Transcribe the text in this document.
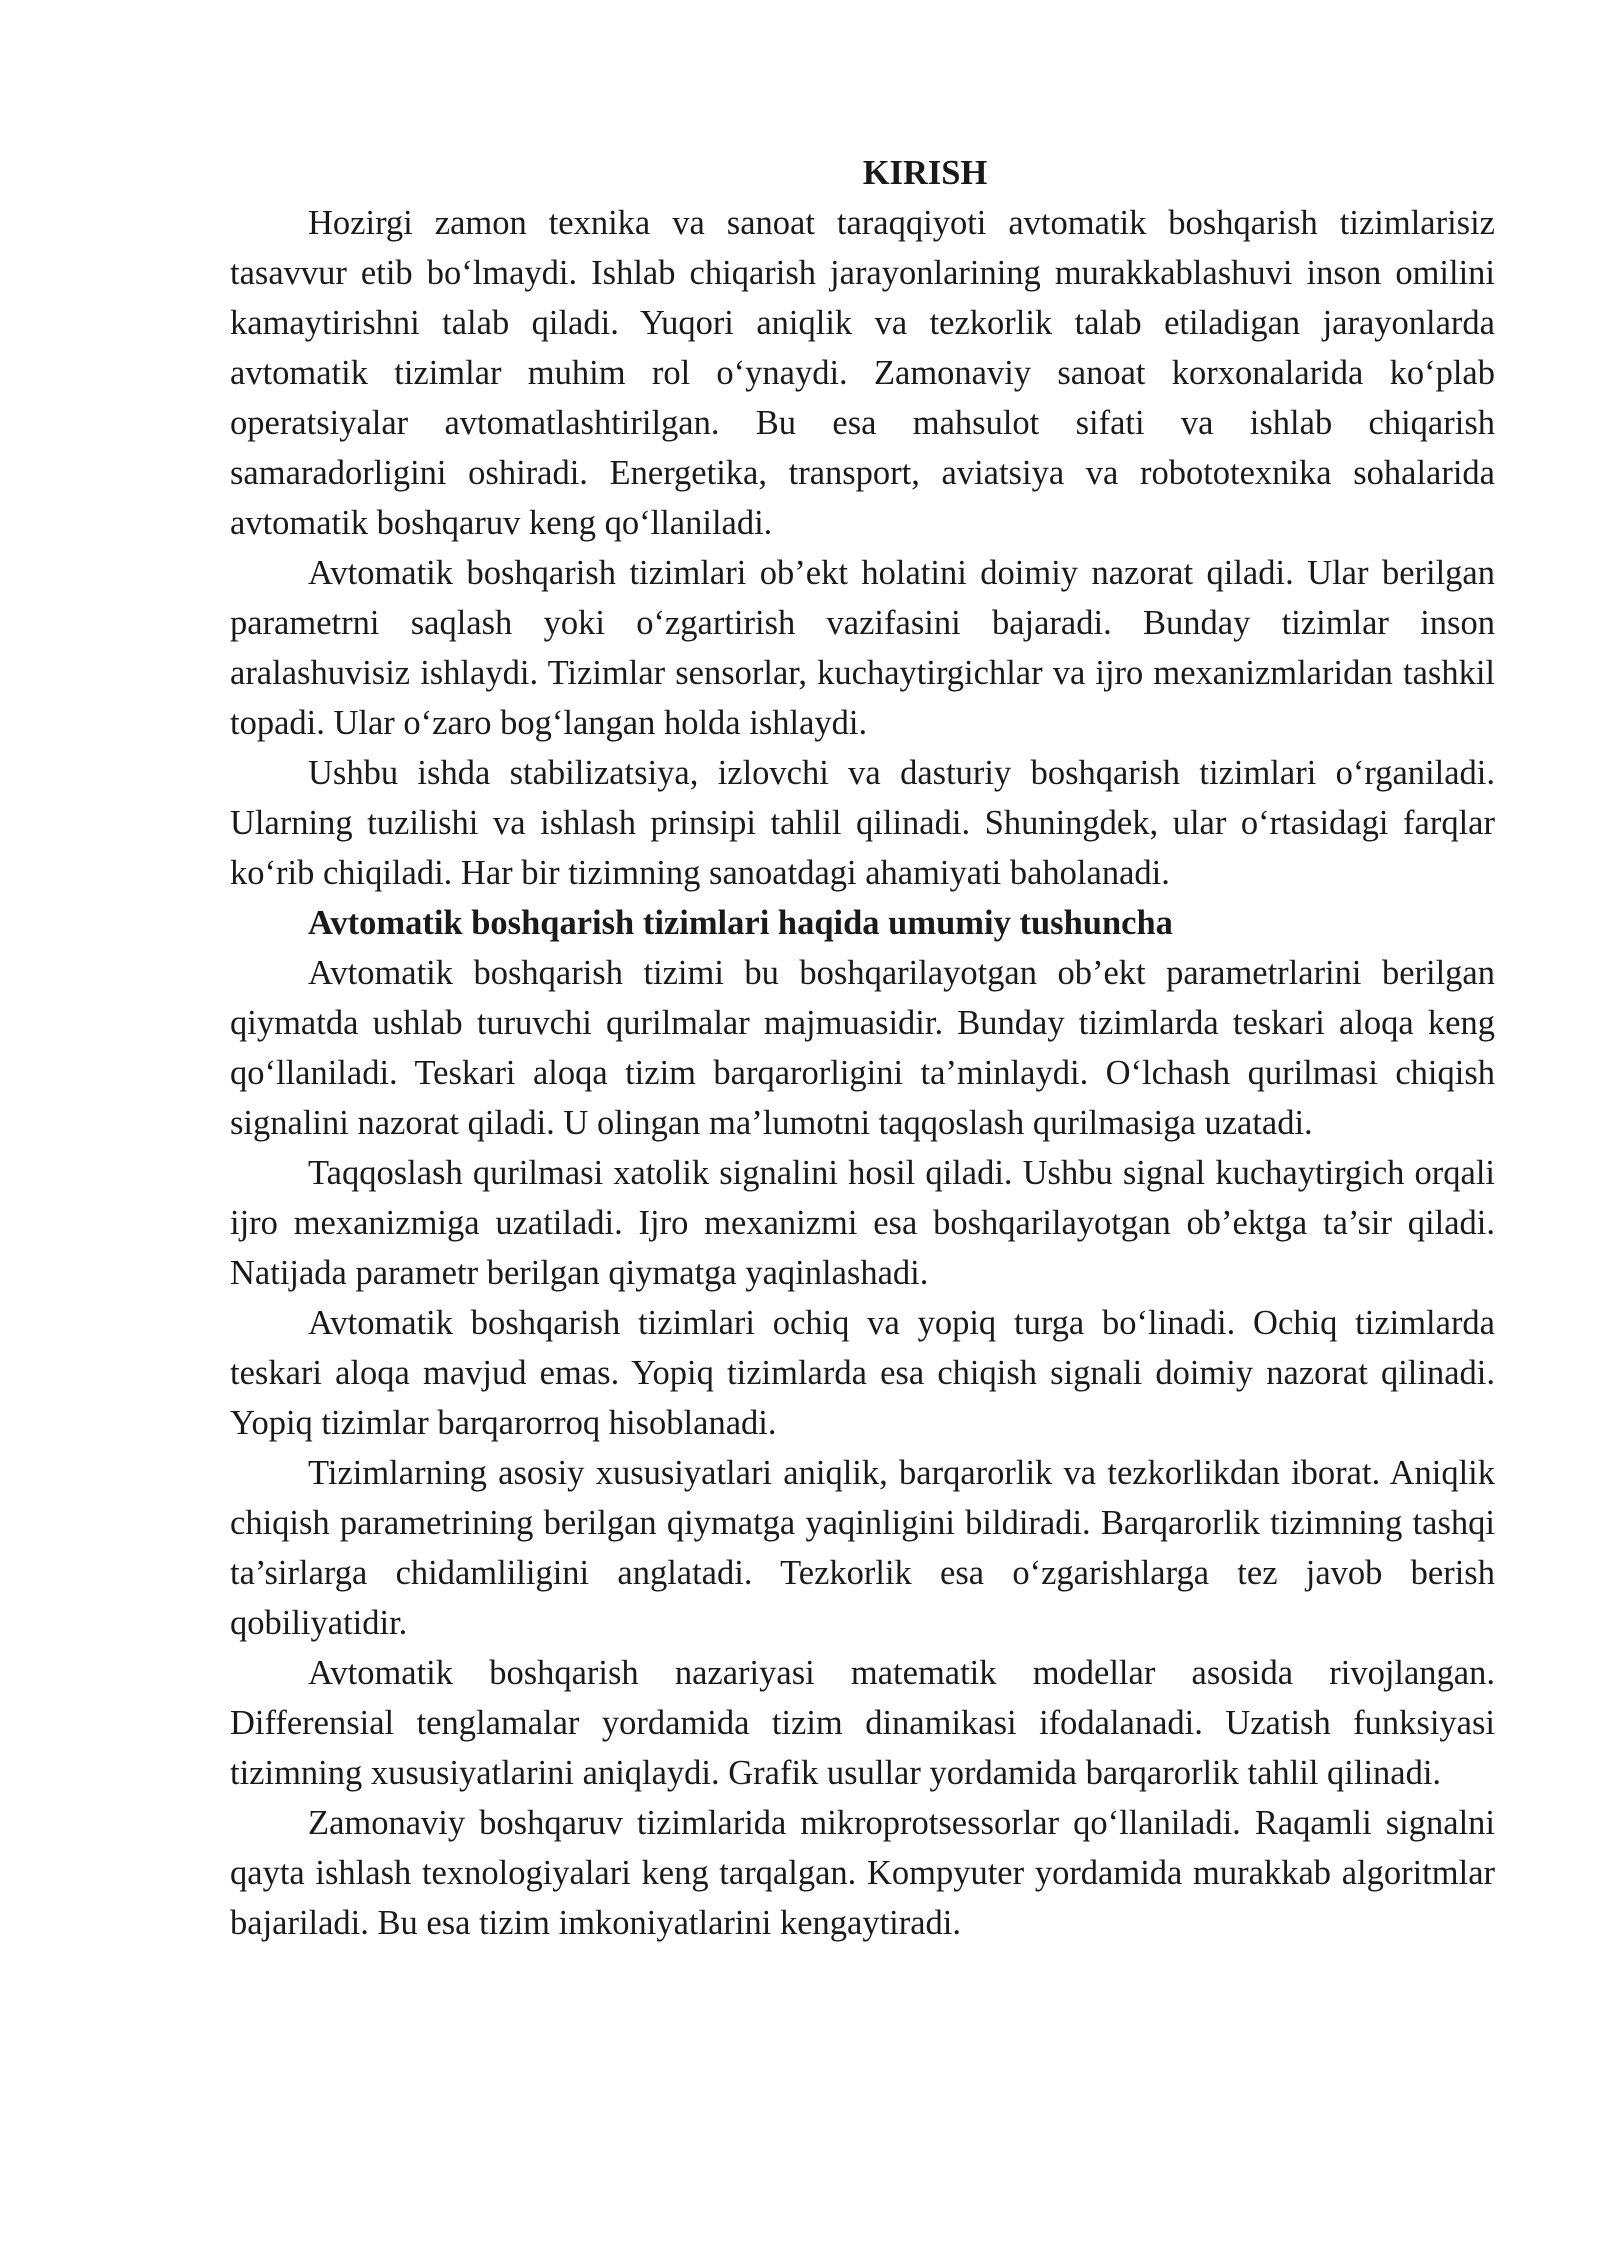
KIRISH

Hozirgi zamon texnika va sanoat taraqqiyoti avtomatik boshqarish tizimlarisiz tasavvur etib bo‘lmaydi. Ishlab chiqarish jarayonlarining murakkablashuvi inson omilini kamaytirishni talab qiladi. Yuqori aniqlik va tezkorlik talab etiladigan jarayonlarda avtomatik tizimlar muhim rol o‘ynaydi. Zamonaviy sanoat korxonalarida ko‘plab operatsiyalar avtomatlashtirilgan. Bu esa mahsulot sifati va ishlab chiqarish samaradorligini oshiradi. Energetika, transport, aviatsiya va robototexnika sohalarida avtomatik boshqaruv keng qo‘llaniladi.

Avtomatik boshqarish tizimlari ob’ekt holatini doimiy nazorat qiladi. Ular berilgan parametrni saqlash yoki o‘zgartirish vazifasini bajaradi. Bunday tizimlar inson aralashuvisiz ishlaydi. Tizimlar sensorlar, kuchaytirgichlar va ijro mexanizmlaridan tashkil topadi. Ular o‘zaro bog‘langan holda ishlaydi.

Ushbu ishda stabilizatsiya, izlovchi va dasturiy boshqarish tizimlari o‘rganiladi. Ularning tuzilishi va ishlash prinsipi tahlil qilinadi. Shuningdek, ular o‘rtasidagi farqlar ko‘rib chiqiladi. Har bir tizimning sanoatdagi ahamiyati baholanadi.

Avtomatik boshqarish tizimlari haqida umumiy tushuncha

Avtomatik boshqarish tizimi bu boshqarilayotgan ob’ekt parametrlarini berilgan qiymatda ushlab turuvchi qurilmalar majmuasidir. Bunday tizimlarda teskari aloqa keng qo‘llaniladi. Teskari aloqa tizim barqarorligini ta’minlaydi. O‘lchash qurilmasi chiqish signalini nazorat qiladi. U olingan ma’lumotni taqqoslash qurilmasiga uzatadi.

Taqqoslash qurilmasi xatolik signalini hosil qiladi. Ushbu signal kuchaytirgich orqali ijro mexanizmiga uzatiladi. Ijro mexanizmi esa boshqarilayotgan ob’ektga ta’sir qiladi. Natijada parametr berilgan qiymatga yaqinlashadi.

Avtomatik boshqarish tizimlari ochiq va yopiq turga bo‘linadi. Ochiq tizimlarda teskari aloqa mavjud emas. Yopiq tizimlarda esa chiqish signali doimiy nazorat qilinadi. Yopiq tizimlar barqarorroq hisoblanadi.

Tizimlarning asosiy xususiyatlari aniqlik, barqarorlik va tezkorlikdan iborat. Aniqlik chiqish parametrining berilgan qiymatga yaqinligini bildiradi. Barqarorlik tizimning tashqi ta’sirlarga chidamliligini anglatadi. Tezkorlik esa o‘zgarishlarga tez javob berish qobiliyatidir.

Avtomatik boshqarish nazariyasi matematik modellar asosida rivojlangan. Differensial tenglamalar yordamida tizim dinamikasi ifodalanadi. Uzatish funksiyasi tizimning xususiyatlarini aniqlaydi. Grafik usullar yordamida barqarorlik tahlil qilinadi.

Zamonaviy boshqaruv tizimlarida mikroprotsessorlar qo‘llaniladi. Raqamli signalni qayta ishlash texnologiyalari keng tarqalgan. Kompyuter yordamida murakkab algoritmlar bajariladi. Bu esa tizim imkoniyatlarini kengaytiradi.
